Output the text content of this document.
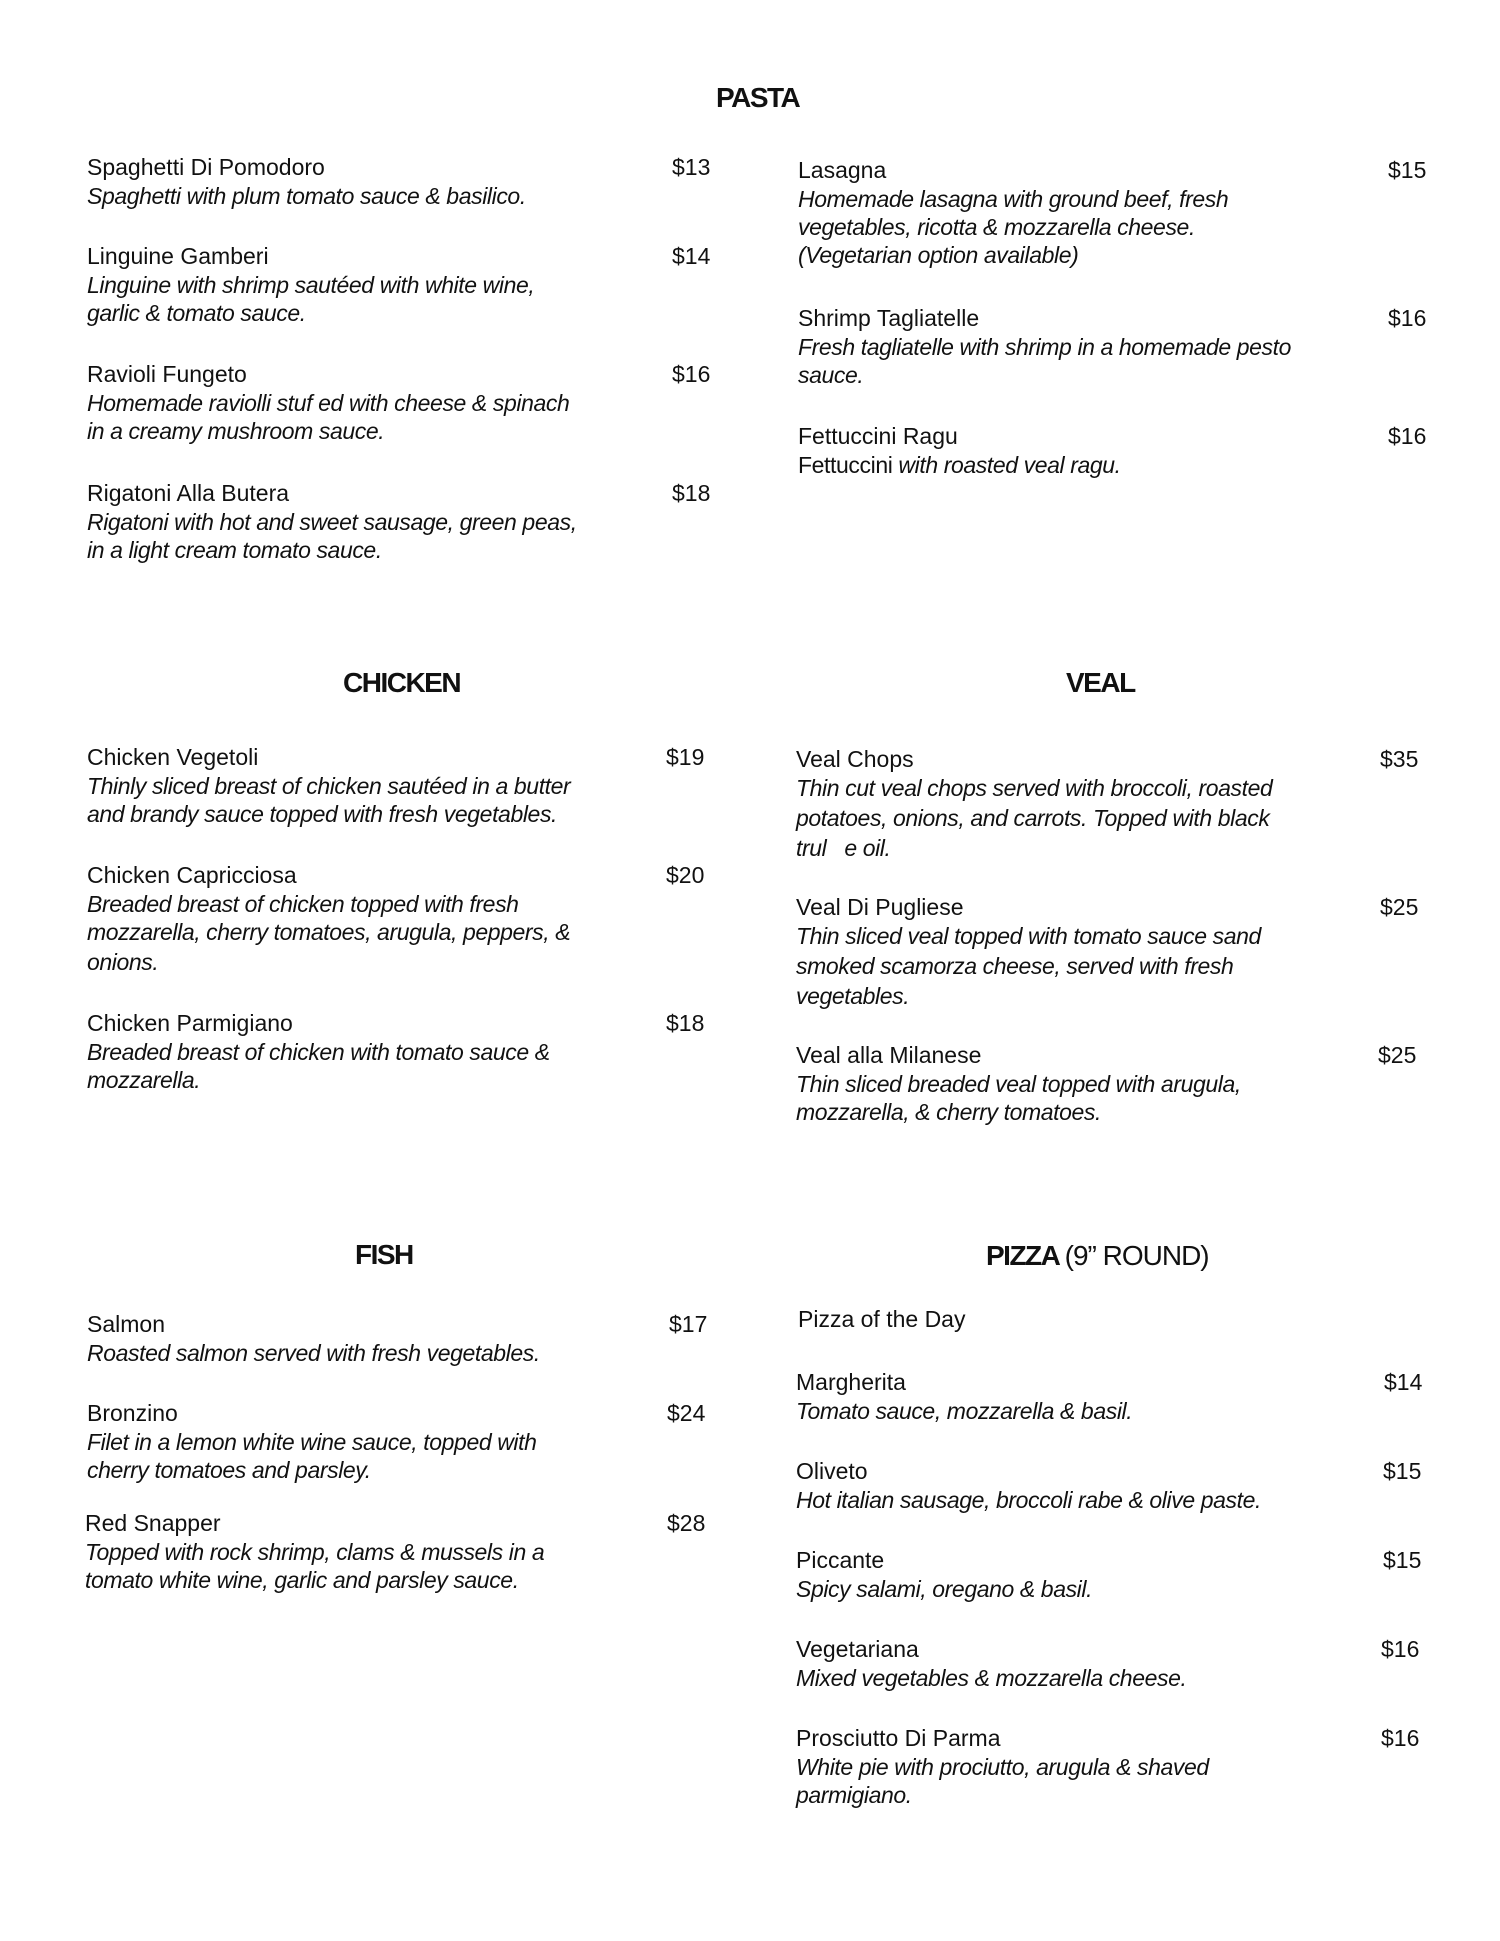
PASTA
Spaghetti Di Pomodoro	$13
Spaghetti with plum tomato sauce & basilico.
Linguine Gamberi	$14
Linguine with shrimp sautéed with white wine,
garlic & tomato sauce.
Ravioli Fungeto	$16
Homemade raviolli stuf ed with cheese & spinach
in a creamy mushroom sauce.
Rigatoni Alla Butera	$18
Rigatoni with hot and sweet sausage, green peas,
in a light cream tomato sauce.
Lasagna	$15
Homemade lasagna with ground beef, fresh
vegetables, ricotta & mozzarella cheese.
(Vegetarian option available)
Shrimp Tagliatelle	$16
Fresh tagliatelle with shrimp in a homemade pesto
sauce.
Fettuccini Ragu	$16
Fettuccini with roasted veal ragu.
CHICKEN
Chicken Vegetoli	$19
Thinly sliced breast of chicken sautéed in a butter
and brandy sauce topped with fresh vegetables.
Chicken Capricciosa	$20
Breaded breast of chicken topped with fresh
mozzarella, cherry tomatoes, arugula, peppers, &
onions.
Chicken Parmigiano	$18
Breaded breast of chicken with tomato sauce &
mozzarella.
VEAL
Veal Chops	$35
Thin cut veal chops served with broccoli, roasted
potatoes, onions, and carrots. Topped with black
trul   e oil.
Veal Di Pugliese	$25
Thin sliced veal topped with tomato sauce sand
smoked scamorza cheese, served with fresh
vegetables.
Veal alla Milanese	$25
Thin sliced breaded veal topped with arugula,
mozzarella, & cherry tomatoes.
FISH
Salmon	$17
Roasted salmon served with fresh vegetables.
Bronzino	$24
Filet in a lemon white wine sauce, topped with
cherry tomatoes and parsley.
Red Snapper	$28
Topped with rock shrimp, clams & mussels in a
tomato white wine, garlic and parsley sauce.
PIZZA (9” ROUND)
Pizza of the Day
Margherita	$14
Tomato sauce, mozzarella & basil.
Oliveto	$15
Hot italian sausage, broccoli rabe & olive paste.
Piccante	$15
Spicy salami, oregano & basil.
Vegetariana	$16
Mixed vegetables & mozzarella cheese.
Prosciutto Di Parma	$16
White pie with prociutto, arugula & shaved
parmigiano.
